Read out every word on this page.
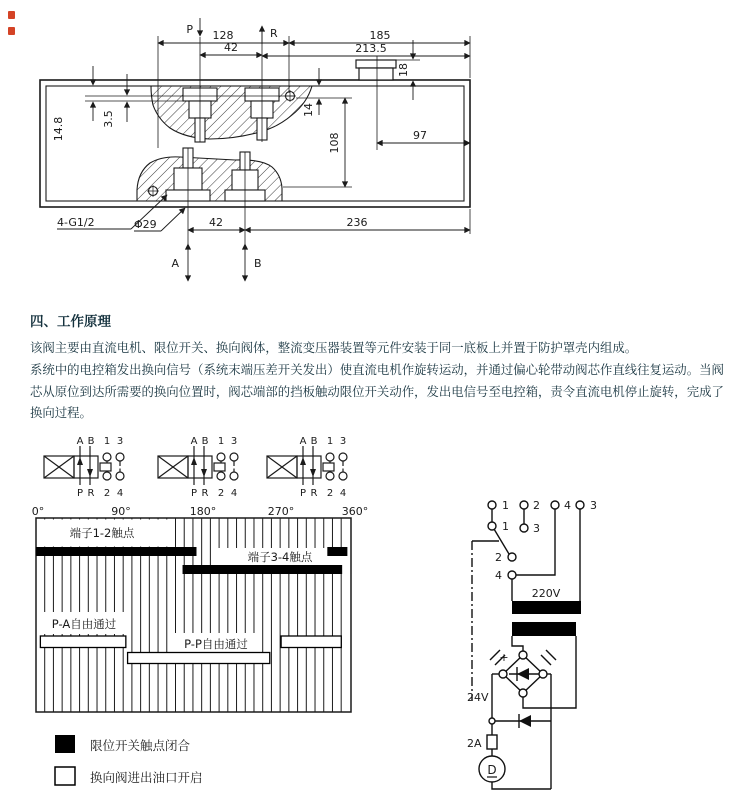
P	R
42
128	185
213.5
18
97
14
108
14.8	3.5
4-G1/2	Φ29	42	236
A	B
四、工作原理

该阀主要由直流电机、限位开关、换向阀体，整流变压器装置等元件安装于同一底板上并置于防护罩壳内组成。

系统中的电控箱发出换向信号（系统末端压差开关发出）使直流电机作旋转运动，并通过偏心轮带动阀芯作直线往复运动。当阀芯从原位到达所需要的换向位置时，阀芯端部的挡板触动限位开关动作，发出电信号至电控箱，责令直流电机停止旋转，完成了换向过程。

A B 1 3
P R 2 4
A B 1 3
P R 2 4
A B 1 3
P R 2 4
0°	90°	180°	270°	360°
端子1-2触点
端子3-4触点
P-A自由通过
P-P自由通过
限位开关触点闭合
换向阀进出油口开启
1 2 4 3
1 3
2
4
220V
+
24V
2A
D
